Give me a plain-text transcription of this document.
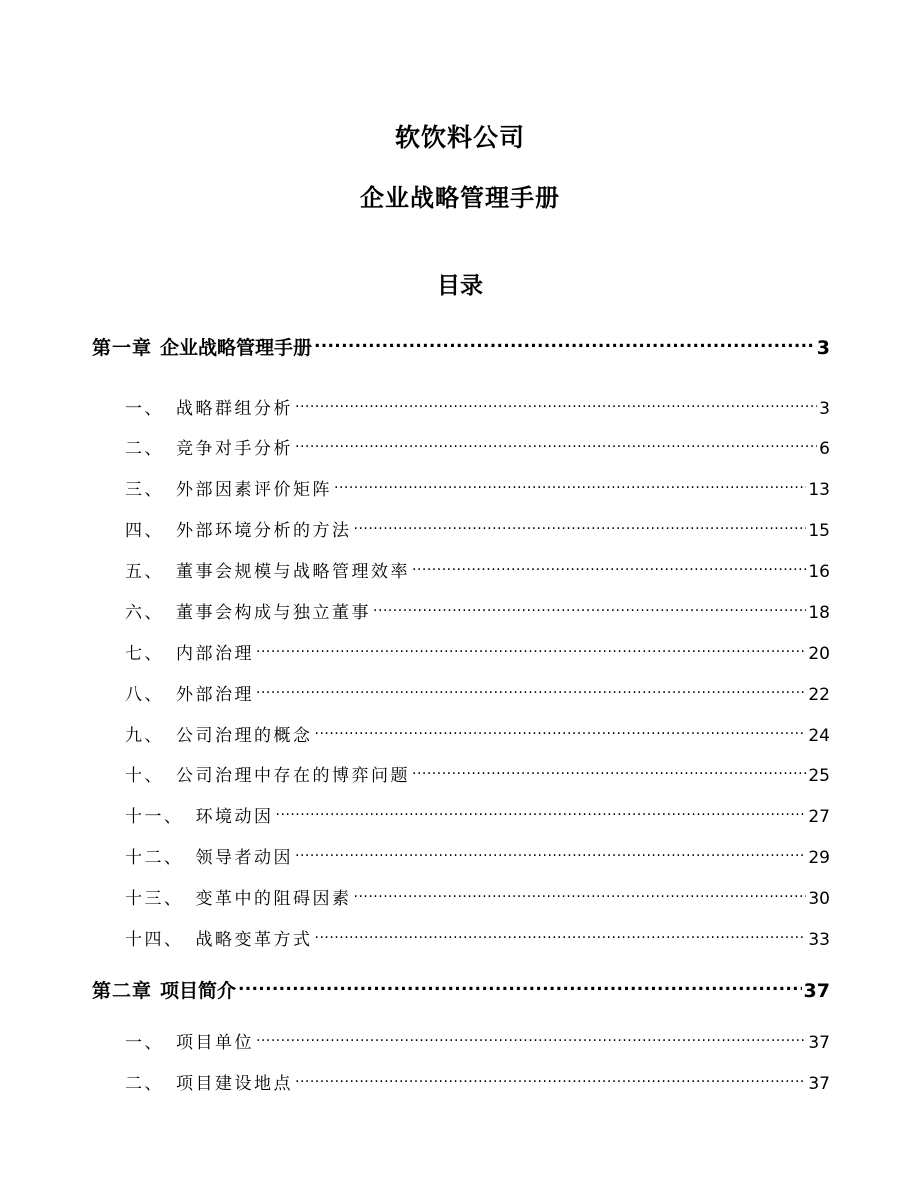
软饮料公司
企业战略管理手册
目录
第一章 企业战略管理手册 .....	3
一、 战略群组分析 .....	3
二、 竞争对手分析 .....	6
三、 外部因素评价矩阵 .....	13
四、 外部环境分析的方法 .....	15
五、 董事会规模与战略管理效率 .....	16
六、 董事会构成与独立董事 .....	18
七、 内部治理 .....	20
八、 外部治理 .....	22
九、 公司治理的概念 .....	24
十、 公司治理中存在的博弈问题 .....	25
十一、 环境动因 .....	27
十二、 领导者动因 .....	29
十三、 变革中的阻碍因素 .....	30
十四、 战略变革方式 .....	33
第二章 项目简介 .....	37
一、 项目单位 .....	37
二、 项目建设地点 .....	37
